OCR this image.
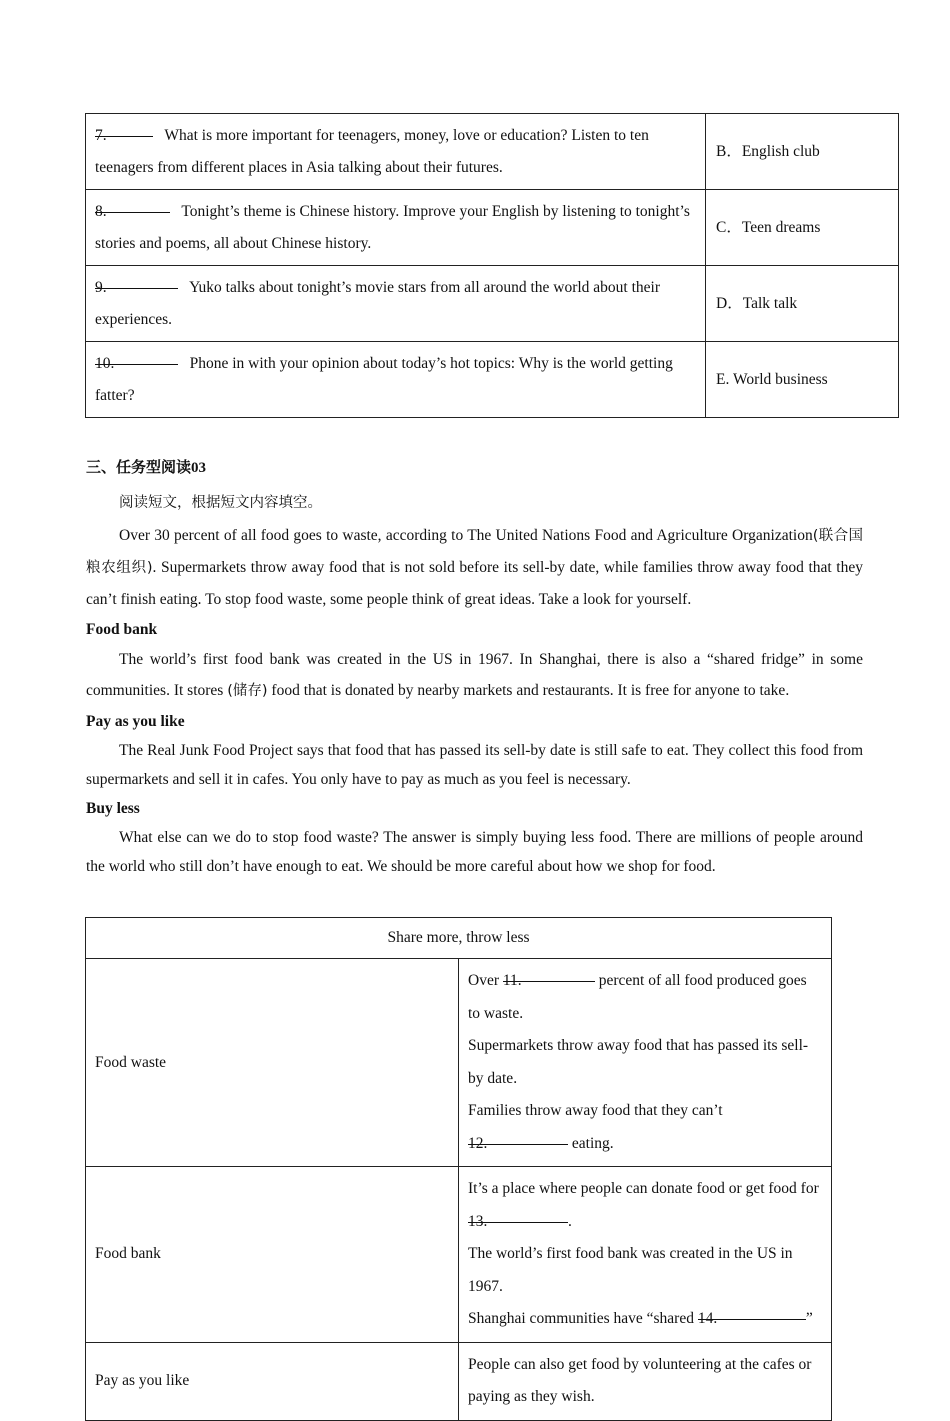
7. What is more important for teenagers, money, love or education? Listen to ten teenagers from different places in Asia talking about their futures.	B．English club
8. Tonight’s theme is Chinese history. Improve your English by listening to tonight’s stories and poems, all about Chinese history.	C．Teen dreams
9. Yuko talks about tonight’s movie stars from all around the world about their experiences.	D．Talk talk
10. Phone in with your opinion about today’s hot topics: Why is the world getting fatter?	E. World business
三、任务型阅读03

阅读短文，根据短文内容填空。

Over 30 percent of all food goes to waste, according to The United Nations Food and Agriculture Organization(联合国粮农组织). Supermarkets throw away food that is not sold before its sell-by date, while families throw away food that they can’t finish eating. To stop food waste, some people think of great ideas. Take a look for yourself.

Food bank

The world’s first food bank was created in the US in 1967. In Shanghai, there is also a “shared fridge” in some communities. It stores (储存) food that is donated by nearby markets and restaurants. It is free for anyone to take.

Pay as you like

The Real Junk Food Project says that food that has passed its sell-by date is still safe to eat. They collect this food from supermarkets and sell it in cafes. You only have to pay as much as you feel is necessary.

Buy less

What else can we do to stop food waste? The answer is simply buying less food. There are millions of people around the world who still don’t have enough to eat. We should be more careful about how we shop for food.

Share more, throw less	
Food waste	Over 11. percent of all food produced goes to waste.
Supermarkets throw away food that has passed its sell-by date.
Families throw away food that they can’t 12. eating.

Food bank	It’s a place where people can donate food or get food for 13. .
The world’s first food bank was created in the US in 1967.
Shanghai communities have “shared 14. ”

Pay as you like	People can also get food by volunteering at the cafes or paying as they wish.
